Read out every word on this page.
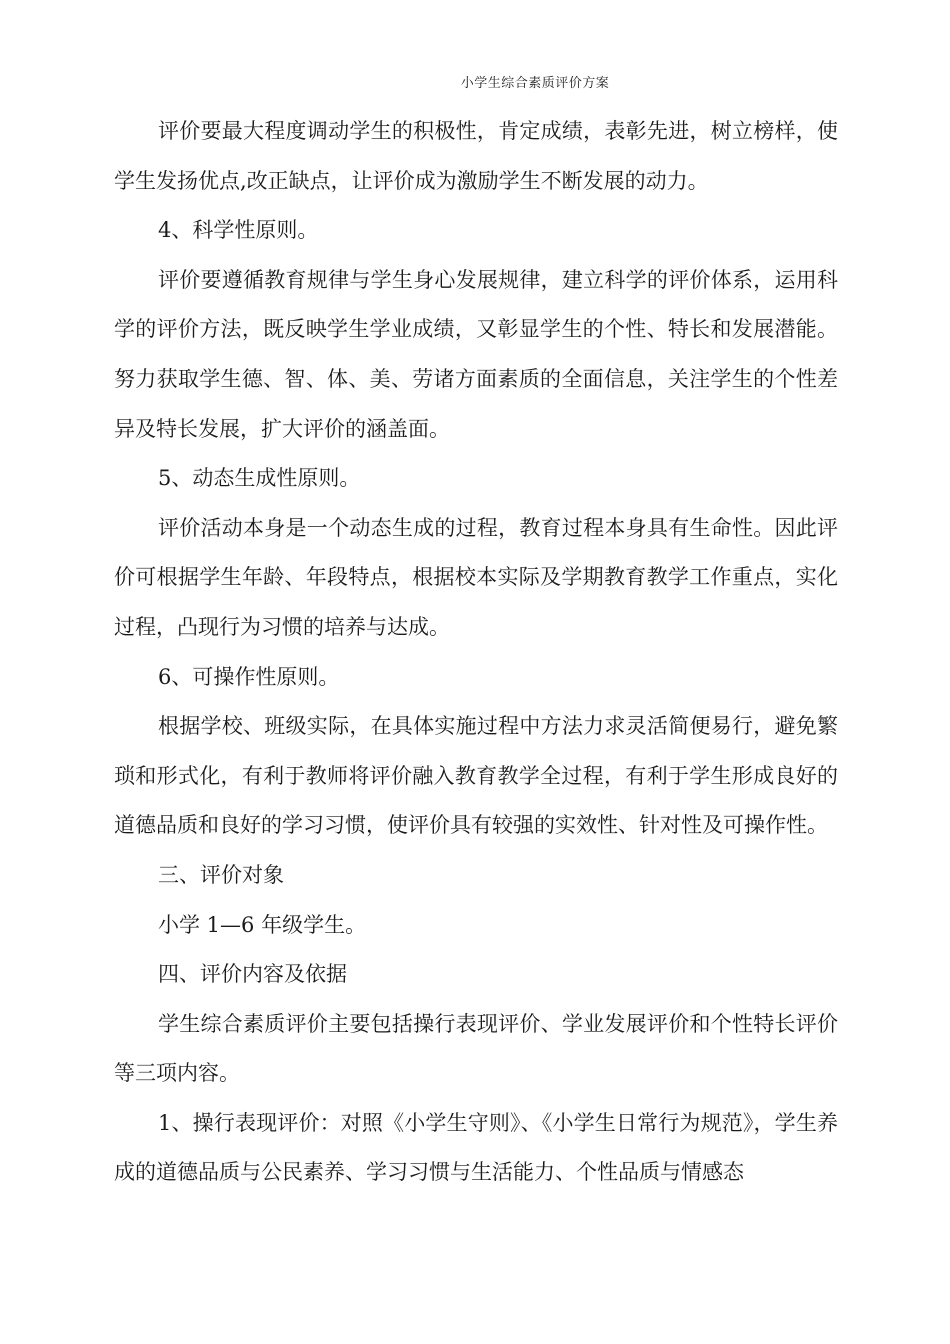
小学生综合素质评价方案

评价要最大程度调动学生的积极性，肯定成绩，表彰先进，树立榜样，使学生发扬优点,改正缺点，让评价成为激励学生不断发展的动力。

4、科学性原则。

评价要遵循教育规律与学生身心发展规律，建立科学的评价体系，运用科学的评价方法，既反映学生学业成绩，又彰显学生的个性、特长和发展潜能。努力获取学生德、智、体、美、劳诸方面素质的全面信息，关注学生的个性差异及特长发展，扩大评价的涵盖面。

5、动态生成性原则。

评价活动本身是一个动态生成的过程，教育过程本身具有生命性。因此评价可根据学生年龄、年段特点，根据校本实际及学期教育教学工作重点，实化过程，凸现行为习惯的培养与达成。

6、可操作性原则。

根据学校、班级实际，在具体实施过程中方法力求灵活简便易行，避免繁琐和形式化，有利于教师将评价融入教育教学全过程，有利于学生形成良好的道德品质和良好的学习习惯，使评价具有较强的实效性、针对性及可操作性。

三、评价对象

小学 1—6 年级学生。

四、评价内容及依据

学生综合素质评价主要包括操行表现评价、学业发展评价和个性特长评价等三项内容。

1、操行表现评价：对照《小学生守则》、《小学生日常行为规范》，学生养成的道德品质与公民素养、学习习惯与生活能力、个性品质与情感态
